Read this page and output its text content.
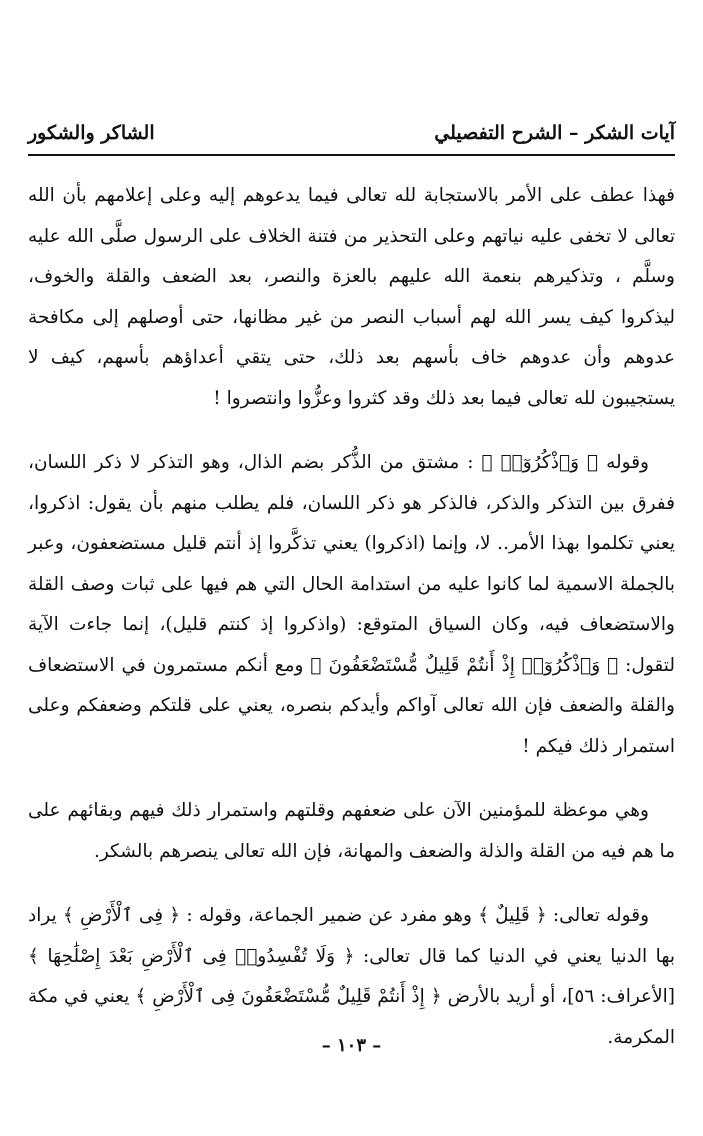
آيات الشكر – الشرح التفصيلي
الشاكر والشكور

فهذا عطف على الأمر بالاستجابة لله تعالى فيما يدعوهم إليه وعلى إعلامهم بأن الله تعالى لا تخفى عليه نياتهم وعلى التحذير من فتنة الخلاف على الرسول صلَّى الله عليه وسلَّم ، وتذكيرهم بنعمة الله عليهم بالعزة والنصر، بعد الضعف والقلة والخوف، ليذكروا كيف يسر الله لهم أسباب النصر من غير مظانها، حتى أوصلهم إلى مكافحة عدوهم وأن عدوهم خاف بأسهم بعد ذلك، حتى يتقي أعداؤهم بأسهم، كيف لا يستجيبون لله تعالى فيما بعد ذلك وقد كثروا وعزُّوا وانتصروا !

وقوله ﴿ وَٱذْكُرُوٓا۟ ﴾ : مشتق من الذُّكر بضم الذال، وهو التذكر لا ذكر اللسان، ففرق بين التذكر والذكر، فالذكر هو ذكر اللسان، فلم يطلب منهم بأن يقول: اذكروا، يعني تكلموا بهذا الأمر.. لا، وإنما (اذكروا) يعني تذكَّروا إذ أنتم قليل مستضعفون، وعبر بالجملة الاسمية لما كانوا عليه من استدامة الحال التي هم فيها على ثبات وصف القلة والاستضعاف فيه، وكان السياق المتوقع: (واذكروا إذ كنتم قليل)، إنما جاءت الآية لتقول: ﴿ وَٱذْكُرُوٓا۟ إِذْ أَنتُمْ قَلِيلٌ مُّسْتَضْعَفُونَ ﴾ ومع أنكم مستمرون في الاستضعاف والقلة والضعف فإن الله تعالى آواكم وأيدكم بنصره، يعني على قلتكم وضعفكم وعلى استمرار ذلك فيكم !

وهي موعظة للمؤمنين الآن على ضعفهم وقلتهم واستمرار ذلك فيهم وبقائهم على ما هم فيه من القلة والذلة والضعف والمهانة، فإن الله تعالى ينصرهم بالشكر.

وقوله تعالى: ﴿ قَلِيلٌ ﴾ وهو مفرد عن ضمير الجماعة، وقوله : ﴿ فِى ٱلْأَرْضِ ﴾ يراد بها الدنيا يعني في الدنيا كما قال تعالى: ﴿ وَلَا تُفْسِدُوا۟ فِى ٱلْأَرْضِ بَعْدَ إِصْلَٰحِهَا ﴾ [الأعراف: ٥٦]، أو أريد بالأرض ﴿ إِذْ أَنتُمْ قَلِيلٌ مُّسْتَضْعَفُونَ فِى ٱلْأَرْضِ ﴾ يعني في مكة المكرمة.

– ١٠٣ –
